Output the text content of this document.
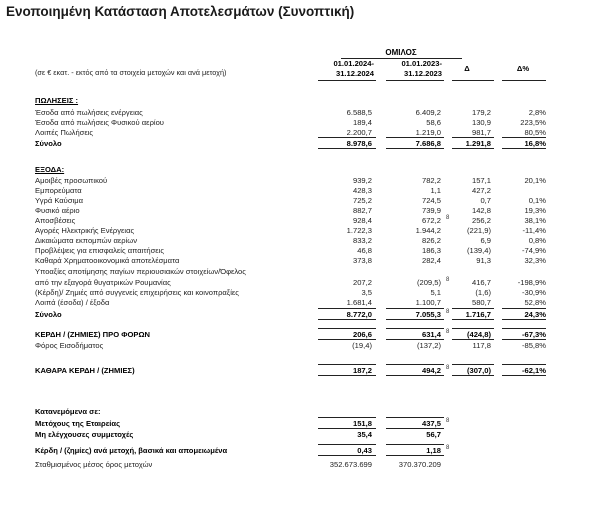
Ενοποιημένη Κατάσταση Αποτελεσμάτων (Συνοπτική)
ΟΜΙΛΟΣ
01.01.2024-
31.12.2024
01.01.2023-
31.12.2023
Δ	Δ%
(σε € εκατ. - εκτός από τα στοιχεία μετοχών και ανά μετοχή)
ΠΩΛΗΣΕΙΣ :
Έσοδα από πωλήσεις ενέργειας	6.588,5	6.409,2	179,2	2,8%
Έσοδα από πωλήσεις Φυσικού αερίου	189,4	58,6	130,9	223,5%
Λοιπές Πωλήσεις	2.200,7	1.219,0	981,7	80,5%
Σύνολο	8.978,6	7.686,8	1.291,8	16,8%
ΕΞΟΔΑ:
Αμοιβές προσωπικού	939,2	782,2	157,1	20,1%
Εμπορεύματα	428,3	1,1	427,2
Υγρά Καύσιμα	725,2	724,5	0,7	0,1%
Φυσικό αέριο	882,7	739,9	142,8	19,3%
Αποσβέσεις	928,4	672,2	256,2	38,1%
8
Αγορές Ηλεκτρικής Ενέργειας	1.722,3	1.944,2	(221,9)	-11,4%
Δικαιώματα εκπομπών αερίων	833,2	826,2	6,9	0,8%
Προβλέψεις για επισφαλείς απαιτήσεις	46,8	186,3	(139,4)	-74,9%
Καθαρά Χρηματοοικονομικά αποτελέσματα	373,8	282,4	91,3	32,3%
Υποαξίες αποτίμησης παγίων περιουσιακών στοιχείων/Όφελος
από την εξαγορά θυγατρικών Ρουμανίας	207,2	(209,5)	416,7	-198,9%
8
(Κέρδη)/ Ζημιές από συγγενείς επιχειρήσεις και κοινοπραξίες	3,5	5,1	(1,6)	-30,9%
Λοιπά (έσοδα) / έξοδα	1.681,4	1.100,7	580,7	52,8%
Σύνολο	8.772,0	7.055,3	1.716,7	24,3%
8
ΚΕΡΔΗ / (ΖΗΜΙΕΣ) ΠΡΟ ΦΟΡΩΝ	206,6	631,4	(424,8)	-67,3%
8
Φόρος Εισοδήματος	(19,4)	(137,2)	117,8	-85,8%
ΚΑΘΑΡΑ ΚΕΡΔΗ / (ΖΗΜΙΕΣ)	187,2	494,2	(307,0)	-62,1%
8
Κατανεμόμενα σε:
Μετόχους της Εταιρείας	151,8	437,5 8
Μη ελέγχουσες συμμετοχές	35,4	56,7
Κέρδη / (ζημίες) ανά μετοχή, βασικά και απομειωμένα	0,43	1,18 8
Σταθμισμένος μέσος όρος μετοχών	352.673.699	370.370.209
